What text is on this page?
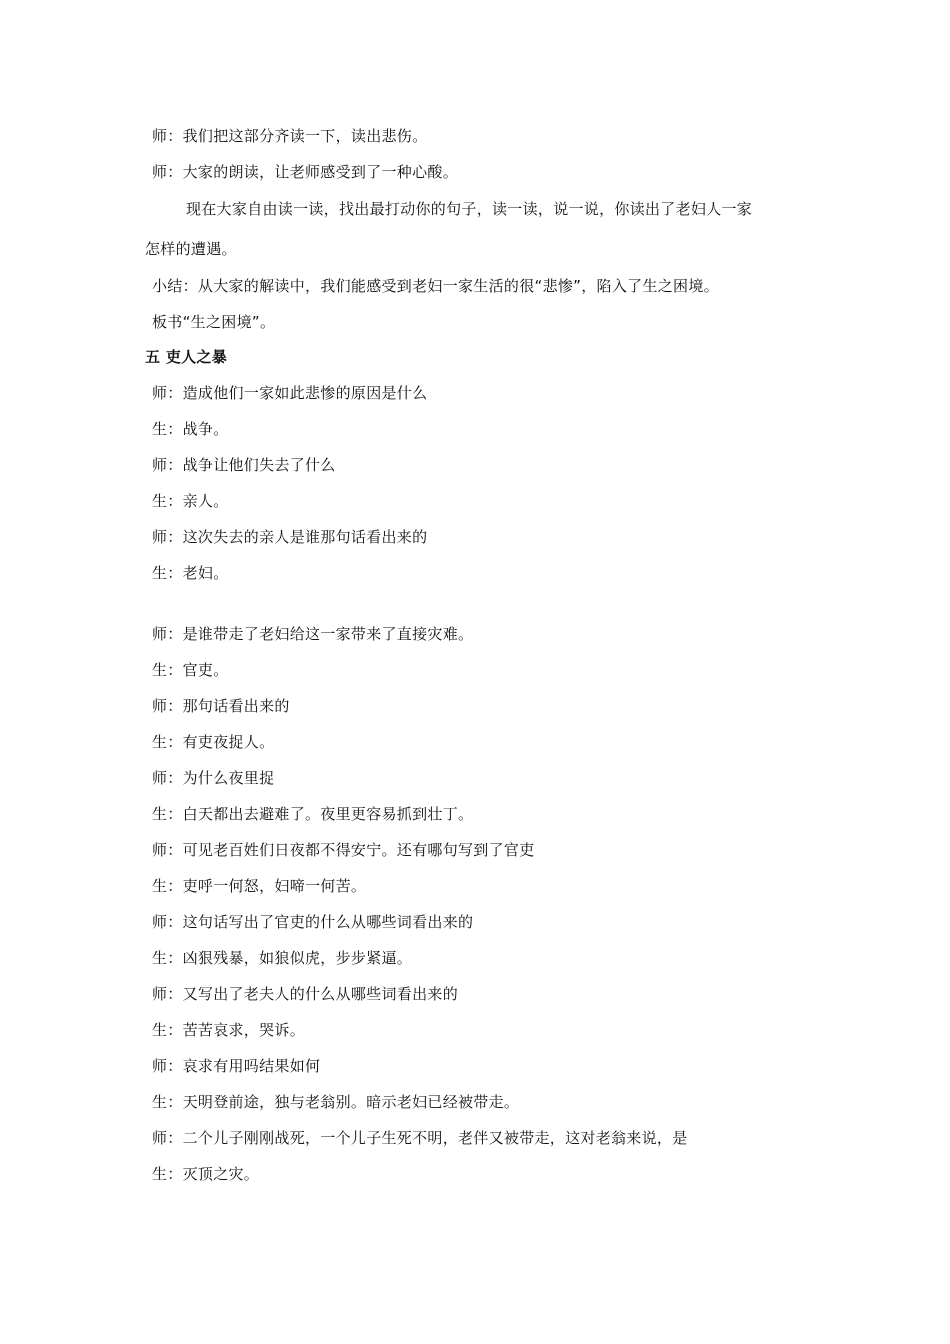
师：我们把这部分齐读一下，读出悲伤。
师：大家的朗读，让老师感受到了一种心酸。
现在大家自由读一读，找出最打动你的句子，读一读，说一说，你读出了老妇人一家
怎样的遭遇。
小结：从大家的解读中，我们能感受到老妇一家生活的很“悲惨”，陷入了生之困境。
板书“生之困境”。
五 吏人之暴
师：造成他们一家如此悲惨的原因是什么
生：战争。
师：战争让他们失去了什么
生：亲人。
师：这次失去的亲人是谁那句话看出来的
生：老妇。
师：是谁带走了老妇给这一家带来了直接灾难。
生：官吏。
师：那句话看出来的
生：有吏夜捉人。
师：为什么夜里捉
生：白天都出去避难了。夜里更容易抓到壮丁。
师：可见老百姓们日夜都不得安宁。还有哪句写到了官吏
生：吏呼一何怒，妇啼一何苦。
师：这句话写出了官吏的什么从哪些词看出来的
生：凶狠残暴，如狼似虎，步步紧逼。
师：又写出了老夫人的什么从哪些词看出来的
生：苦苦哀求，哭诉。
师：哀求有用吗结果如何
生：天明登前途，独与老翁别。暗示老妇已经被带走。
师：二个儿子刚刚战死，一个儿子生死不明，老伴又被带走，这对老翁来说，是
生：灭顶之灾。
